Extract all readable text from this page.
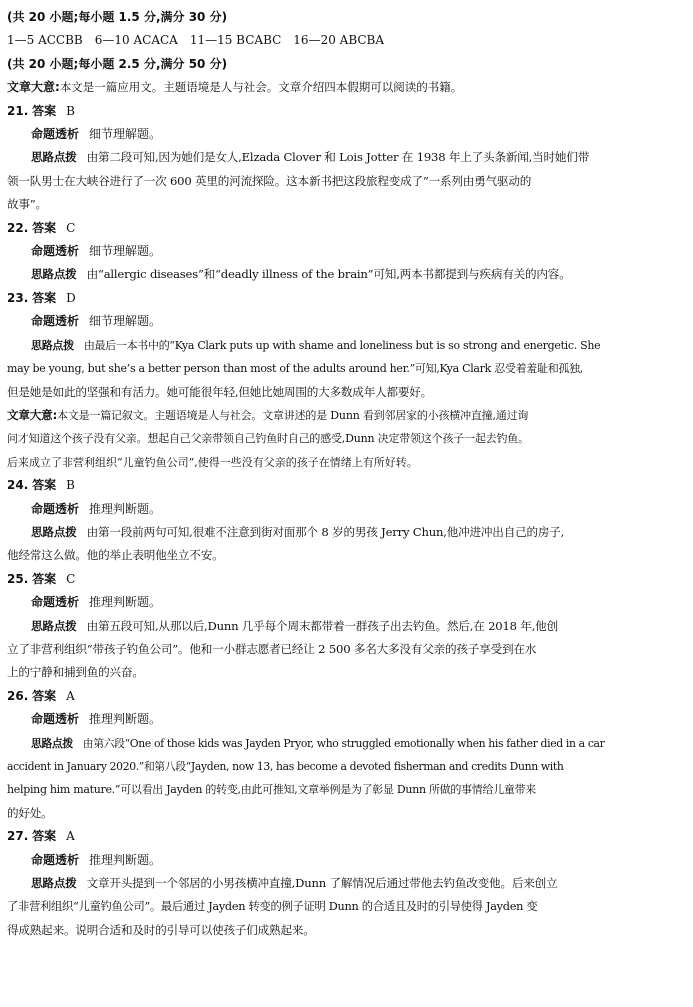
(共 20 小题;每小题 1.5 分,满分 30 分)
1—5 ACCBB　6—10 ACACA　11—15 BCABC　16—20 ABCBA
(共 20 小题;每小题 2.5 分,满分 50 分)
文章大意:本文是一篇应用文。主题语境是人与社会。文章介绍四本假期可以阅读的书籍。
21. 答案 B
命题透析 细节理解题。
思路点拨 由第二段可知,因为她们是女人,Elzada Clover 和 Lois Jotter 在 1938 年上了头条新闻,当时她们带
领一队男士在大峡谷进行了一次 600 英里的河流探险。这本新书把这段旅程变成了“一系列由勇气驱动的
故事”。
22. 答案 C
命题透析 细节理解题。
思路点拨 由“allergic diseases”和“deadly illness of the brain”可知,两本书都提到与疾病有关的内容。
23. 答案 D
命题透析 细节理解题。
思路点拨 由最后一本书中的“Kya Clark puts up with shame and loneliness but is so strong and energetic. She
may be young, but she’s a better person than most of the adults around her.”可知,Kya Clark 忍受着羞耻和孤独,
但是她是如此的坚强和有活力。她可能很年轻,但她比她周围的大多数成年人都要好。
文章大意:本文是一篇记叙文。主题语境是人与社会。文章讲述的是 Dunn 看到邻居家的小孩横冲直撞,通过询
问才知道这个孩子没有父亲。想起自己父亲带领自己钓鱼时自己的感受,Dunn 决定带领这个孩子一起去钓鱼。
后来成立了非营利组织“儿童钓鱼公司”,使得一些没有父亲的孩子在情绪上有所好转。
24. 答案 B
命题透析 推理判断题。
思路点拨 由第一段前两句可知,很难不注意到街对面那个 8 岁的男孩 Jerry Chun,他冲进冲出自己的房子,
他经常这么做。他的举止表明他坐立不安。
25. 答案 C
命题透析 推理判断题。
思路点拨 由第五段可知,从那以后,Dunn 几乎每个周末都带着一群孩子出去钓鱼。然后,在 2018 年,他创
立了非营利组织“带孩子钓鱼公司”。他和一小群志愿者已经让 2 500 多名大多没有父亲的孩子享受到在水
上的宁静和捕到鱼的兴奋。
26. 答案 A
命题透析 推理判断题。
思路点拨 由第六段“One of those kids was Jayden Pryor, who struggled emotionally when his father died in a car
accident in January 2020.”和第八段“Jayden, now 13, has become a devoted fisherman and credits Dunn with
helping him mature.”可以看出 Jayden 的转变,由此可推知,文章举例是为了彰显 Dunn 所做的事情给儿童带来
的好处。
27. 答案 A
命题透析 推理判断题。
思路点拨 文章开头提到一个邻居的小男孩横冲直撞,Dunn 了解情况后通过带他去钓鱼改变他。后来创立
了非营利组织“儿童钓鱼公司”。最后通过 Jayden 转变的例子证明 Dunn 的合适且及时的引导使得 Jayden 变
得成熟起来。说明合适和及时的引导可以使孩子们成熟起来。
